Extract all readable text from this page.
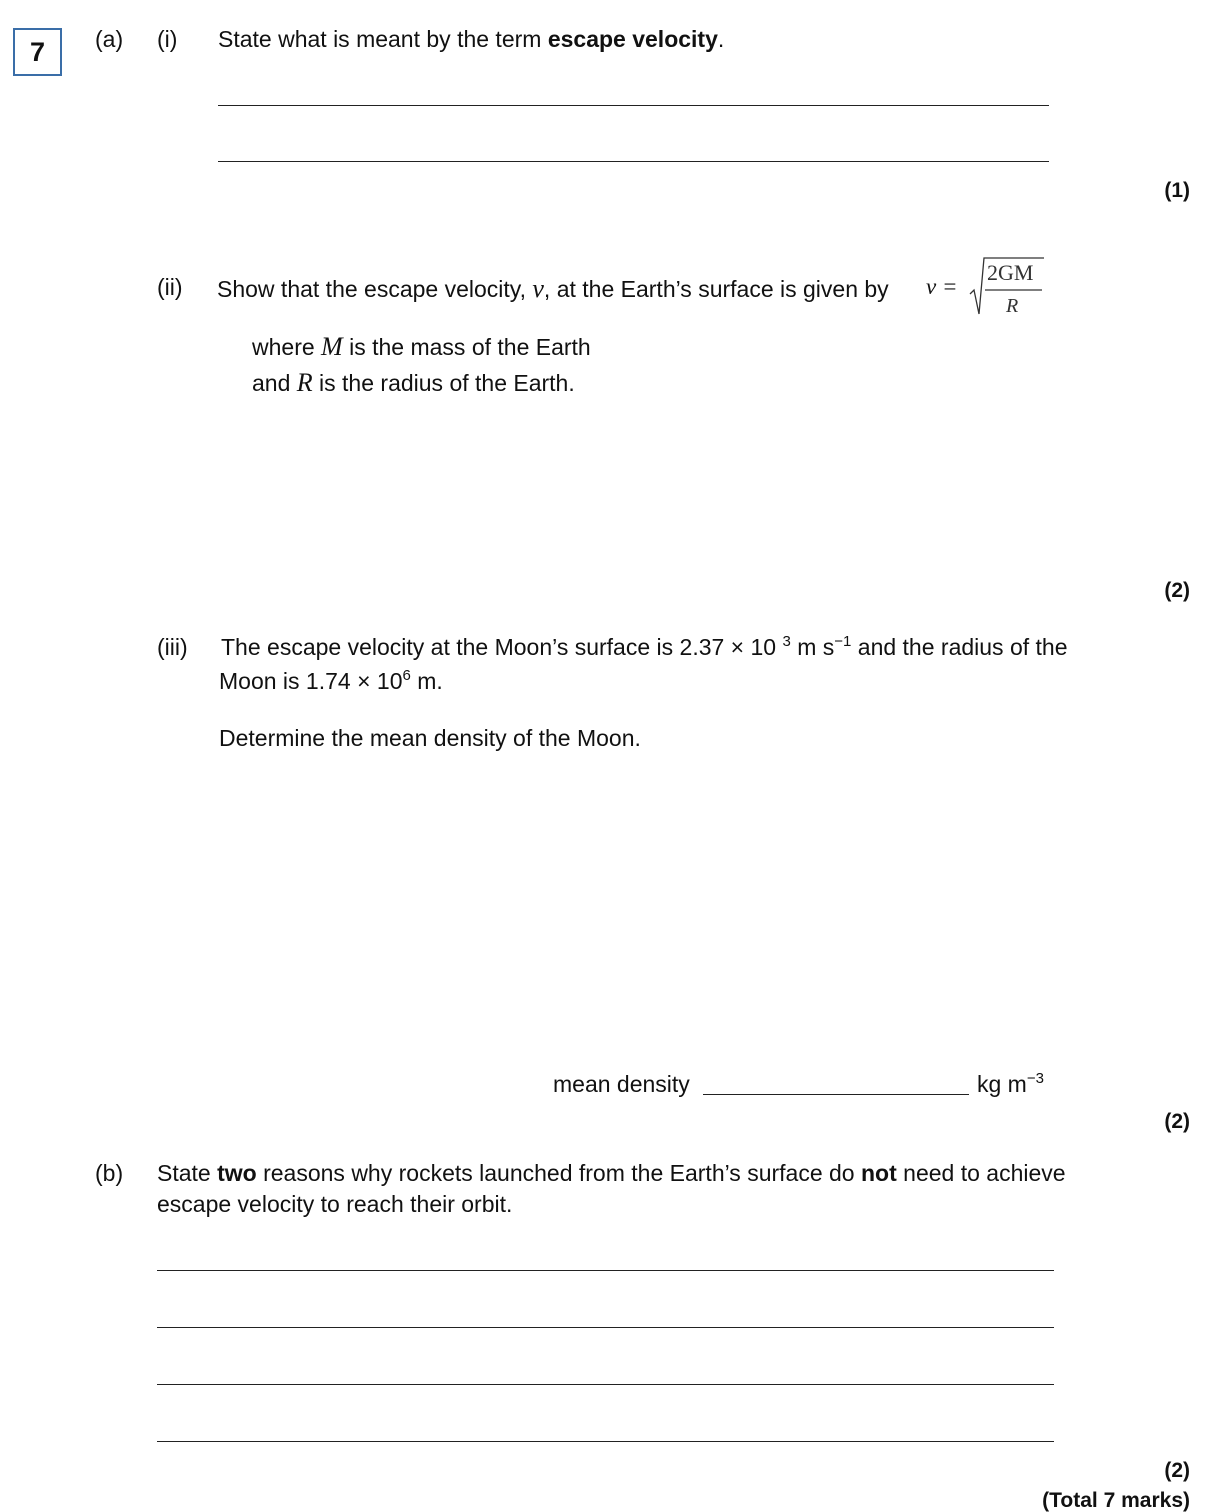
7 (a) (i) State what is meant by the term escape velocity.
(1)
(ii) Show that the escape velocity, v, at the Earth’s surface is given by v =
2GM
R
where M is the mass of the Earth
and R is the radius of the Earth.
(2)
(iii) The escape velocity at the Moon’s surface is 2.37 × 10 $^3$ m $s^{-1}$ and the radius of the
Moon is $1.74 \times 10^6$ m.
Determine the mean density of the Moon.
mean density	kg $m^{-3}$
(2)
(b) State two reasons why rockets launched from the Earth’s surface do not need to achieve
escape velocity to reach their orbit.
(2)
(Total 7 marks)
